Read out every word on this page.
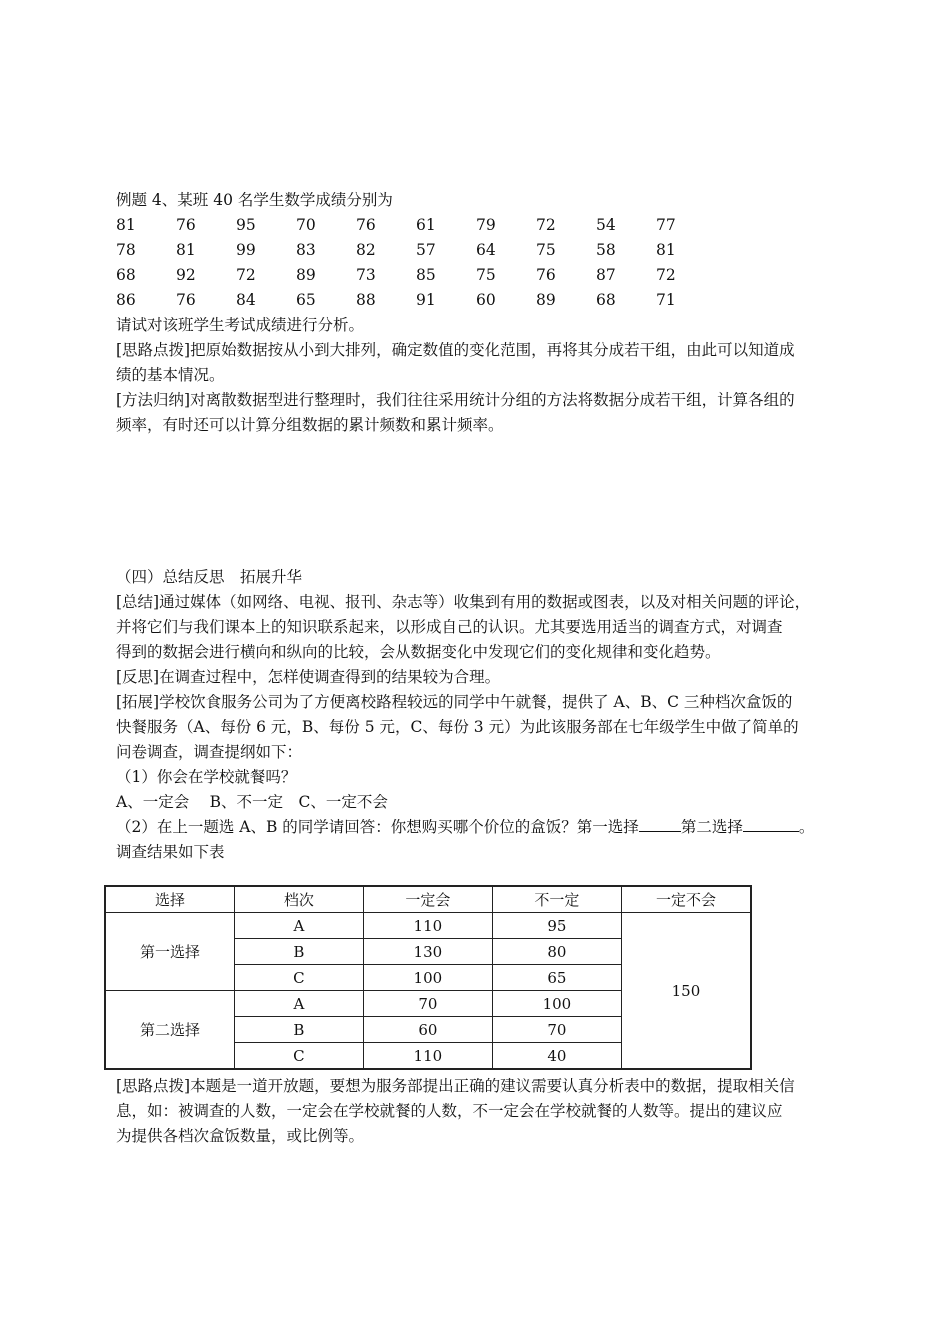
例题 4、某班 40 名学生数学成绩分别为
81	76	95	70	76	61	79	72	54	77
78	81	99	83	82	57	64	75	58	81
68	92	72	89	73	85	75	76	87	72
86	76	84	65	88	91	60	89	68	71
请试对该班学生考试成绩进行分析。
[思路点拨]把原始数据按从小到大排列，确定数值的变化范围，再将其分成若干组，由此可以知道成
绩的基本情况。
[方法归纳]对离散数据型进行整理时，我们往往采用统计分组的方法将数据分成若干组，计算各组的
频率，有时还可以计算分组数据的累计频数和累计频率。
（四）总结反思　拓展升华
[总结]通过媒体（如网络、电视、报刊、杂志等）收集到有用的数据或图表，以及对相关问题的评论，
并将它们与我们课本上的知识联系起来，以形成自己的认识。尤其要选用适当的调查方式，对调查
得到的数据会进行横向和纵向的比较，会从数据变化中发现它们的变化规律和变化趋势。
[反思]在调查过程中，怎样使调查得到的结果较为合理。
[拓展]学校饮食服务公司为了方便离校路程较远的同学中午就餐，提供了 A、B、C 三种档次盒饭的
快餐服务（A、每份 6 元，B、每份 5 元，C、每份 3 元）为此该服务部在七年级学生中做了简单的
问卷调查，调查提纲如下：
（1）你会在学校就餐吗？
A、一定会　 B、不一定　C、一定不会
（2）在上一题选 A、B 的同学请回答：你想购买哪个价位的盒饭？第一选择	第二选择	。
调查结果如下表
选择	档次	一定会	不一定	一定不会
第一选择	A	110	95	150
	B	130	80	
	C	100	65	
第二选择	A	70	100	
	B	60	70	
	C	110	40	
[思路点拨]本题是一道开放题，要想为服务部提出正确的建议需要认真分析表中的数据，提取相关信
息，如：被调查的人数，一定会在学校就餐的人数，不一定会在学校就餐的人数等。提出的建议应
为提供各档次盒饭数量，或比例等。
